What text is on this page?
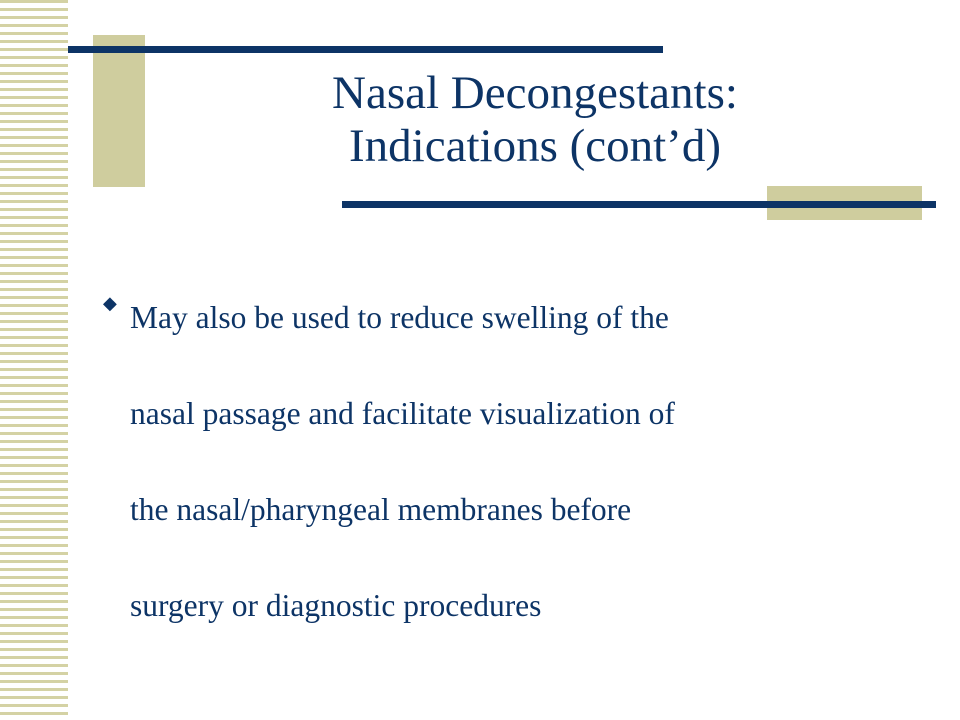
Nasal Decongestants:
Indications (cont’d)
◆ May also be used to reduce swelling of the
nasal passage and facilitate visualization of
the nasal/pharyngeal membranes before
surgery or diagnostic procedures
